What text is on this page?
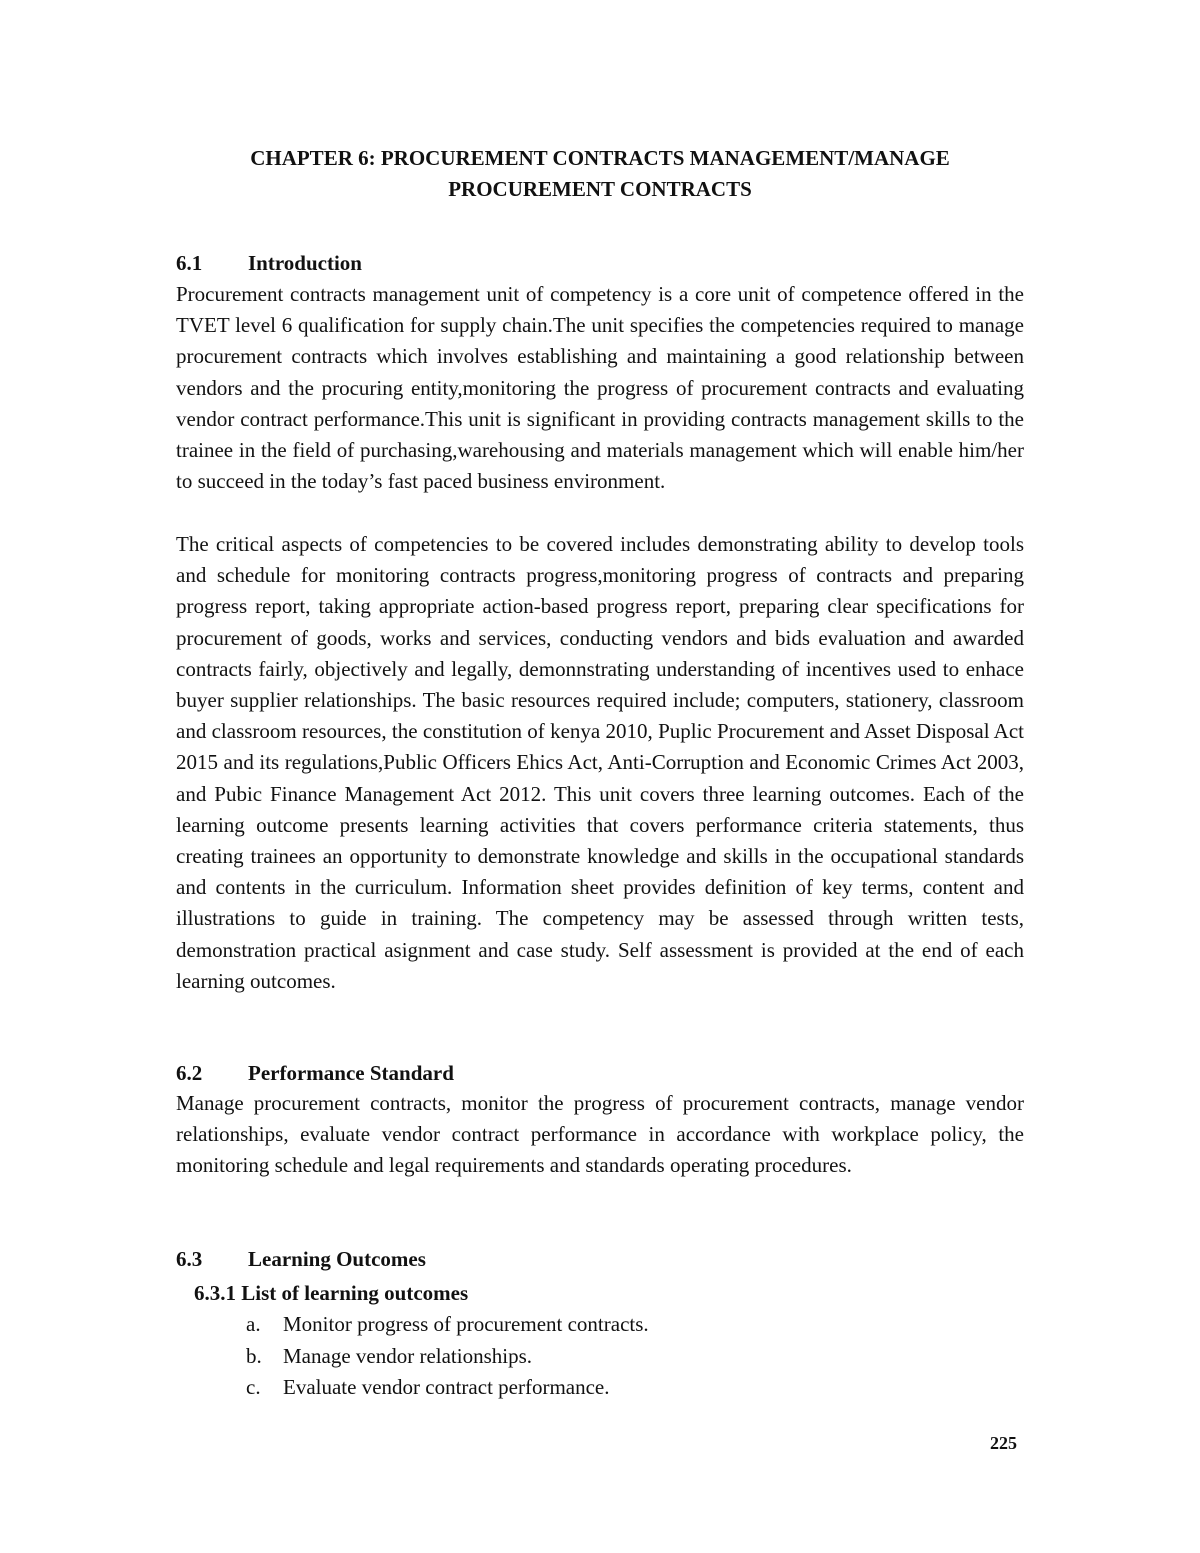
CHAPTER 6: PROCUREMENT CONTRACTS MANAGEMENT/MANAGE
PROCUREMENT CONTRACTS
6.1 Introduction
Procurement contracts management unit of competency is a core unit of competence offered in the TVET level 6 qualification for supply chain.The unit specifies the competencies required to manage procurement contracts which involves establishing and maintaining a good relationship between vendors and the procuring entity,monitoring the progress of procurement contracts and evaluating vendor contract performance.This unit is significant in providing contracts management skills to the trainee in the field of purchasing,warehousing and materials management which will enable him/her to succeed in the today’s fast paced business environment.
The critical aspects of competencies to be covered includes demonstrating ability to develop tools and schedule for monitoring contracts progress,monitoring progress of contracts and preparing progress report, taking appropriate action-based progress report, preparing clear specifications for procurement of goods, works and services, conducting vendors and bids evaluation and awarded contracts fairly, objectively and legally, demonnstrating understanding of incentives used to enhace buyer supplier relationships. The basic resources required include; computers, stationery, classroom and classroom resources, the constitution of kenya 2010, Puplic Procurement and Asset Disposal Act 2015 and its regulations,Public Officers Ehics Act, Anti-Corruption and Economic Crimes Act 2003, and Pubic Finance Management Act 2012. This unit covers three learning outcomes. Each of the learning outcome presents learning activities that covers performance criteria statements, thus creating trainees an opportunity to demonstrate knowledge and skills in the occupational standards and contents in the curriculum. Information sheet provides definition of key terms, content and illustrations to guide in training. The competency may be assessed through written tests, demonstration practical asignment and case study. Self assessment is provided at the end of each learning outcomes.
6.2 Performance Standard
Manage procurement contracts, monitor the progress of procurement contracts, manage vendor relationships, evaluate vendor contract performance in accordance with workplace policy, the monitoring schedule and legal requirements and standards operating procedures.
6.3 Learning Outcomes
6.3.1 List of learning outcomes
a. Monitor progress of procurement contracts.
b. Manage vendor relationships.
c. Evaluate vendor contract performance.
225
